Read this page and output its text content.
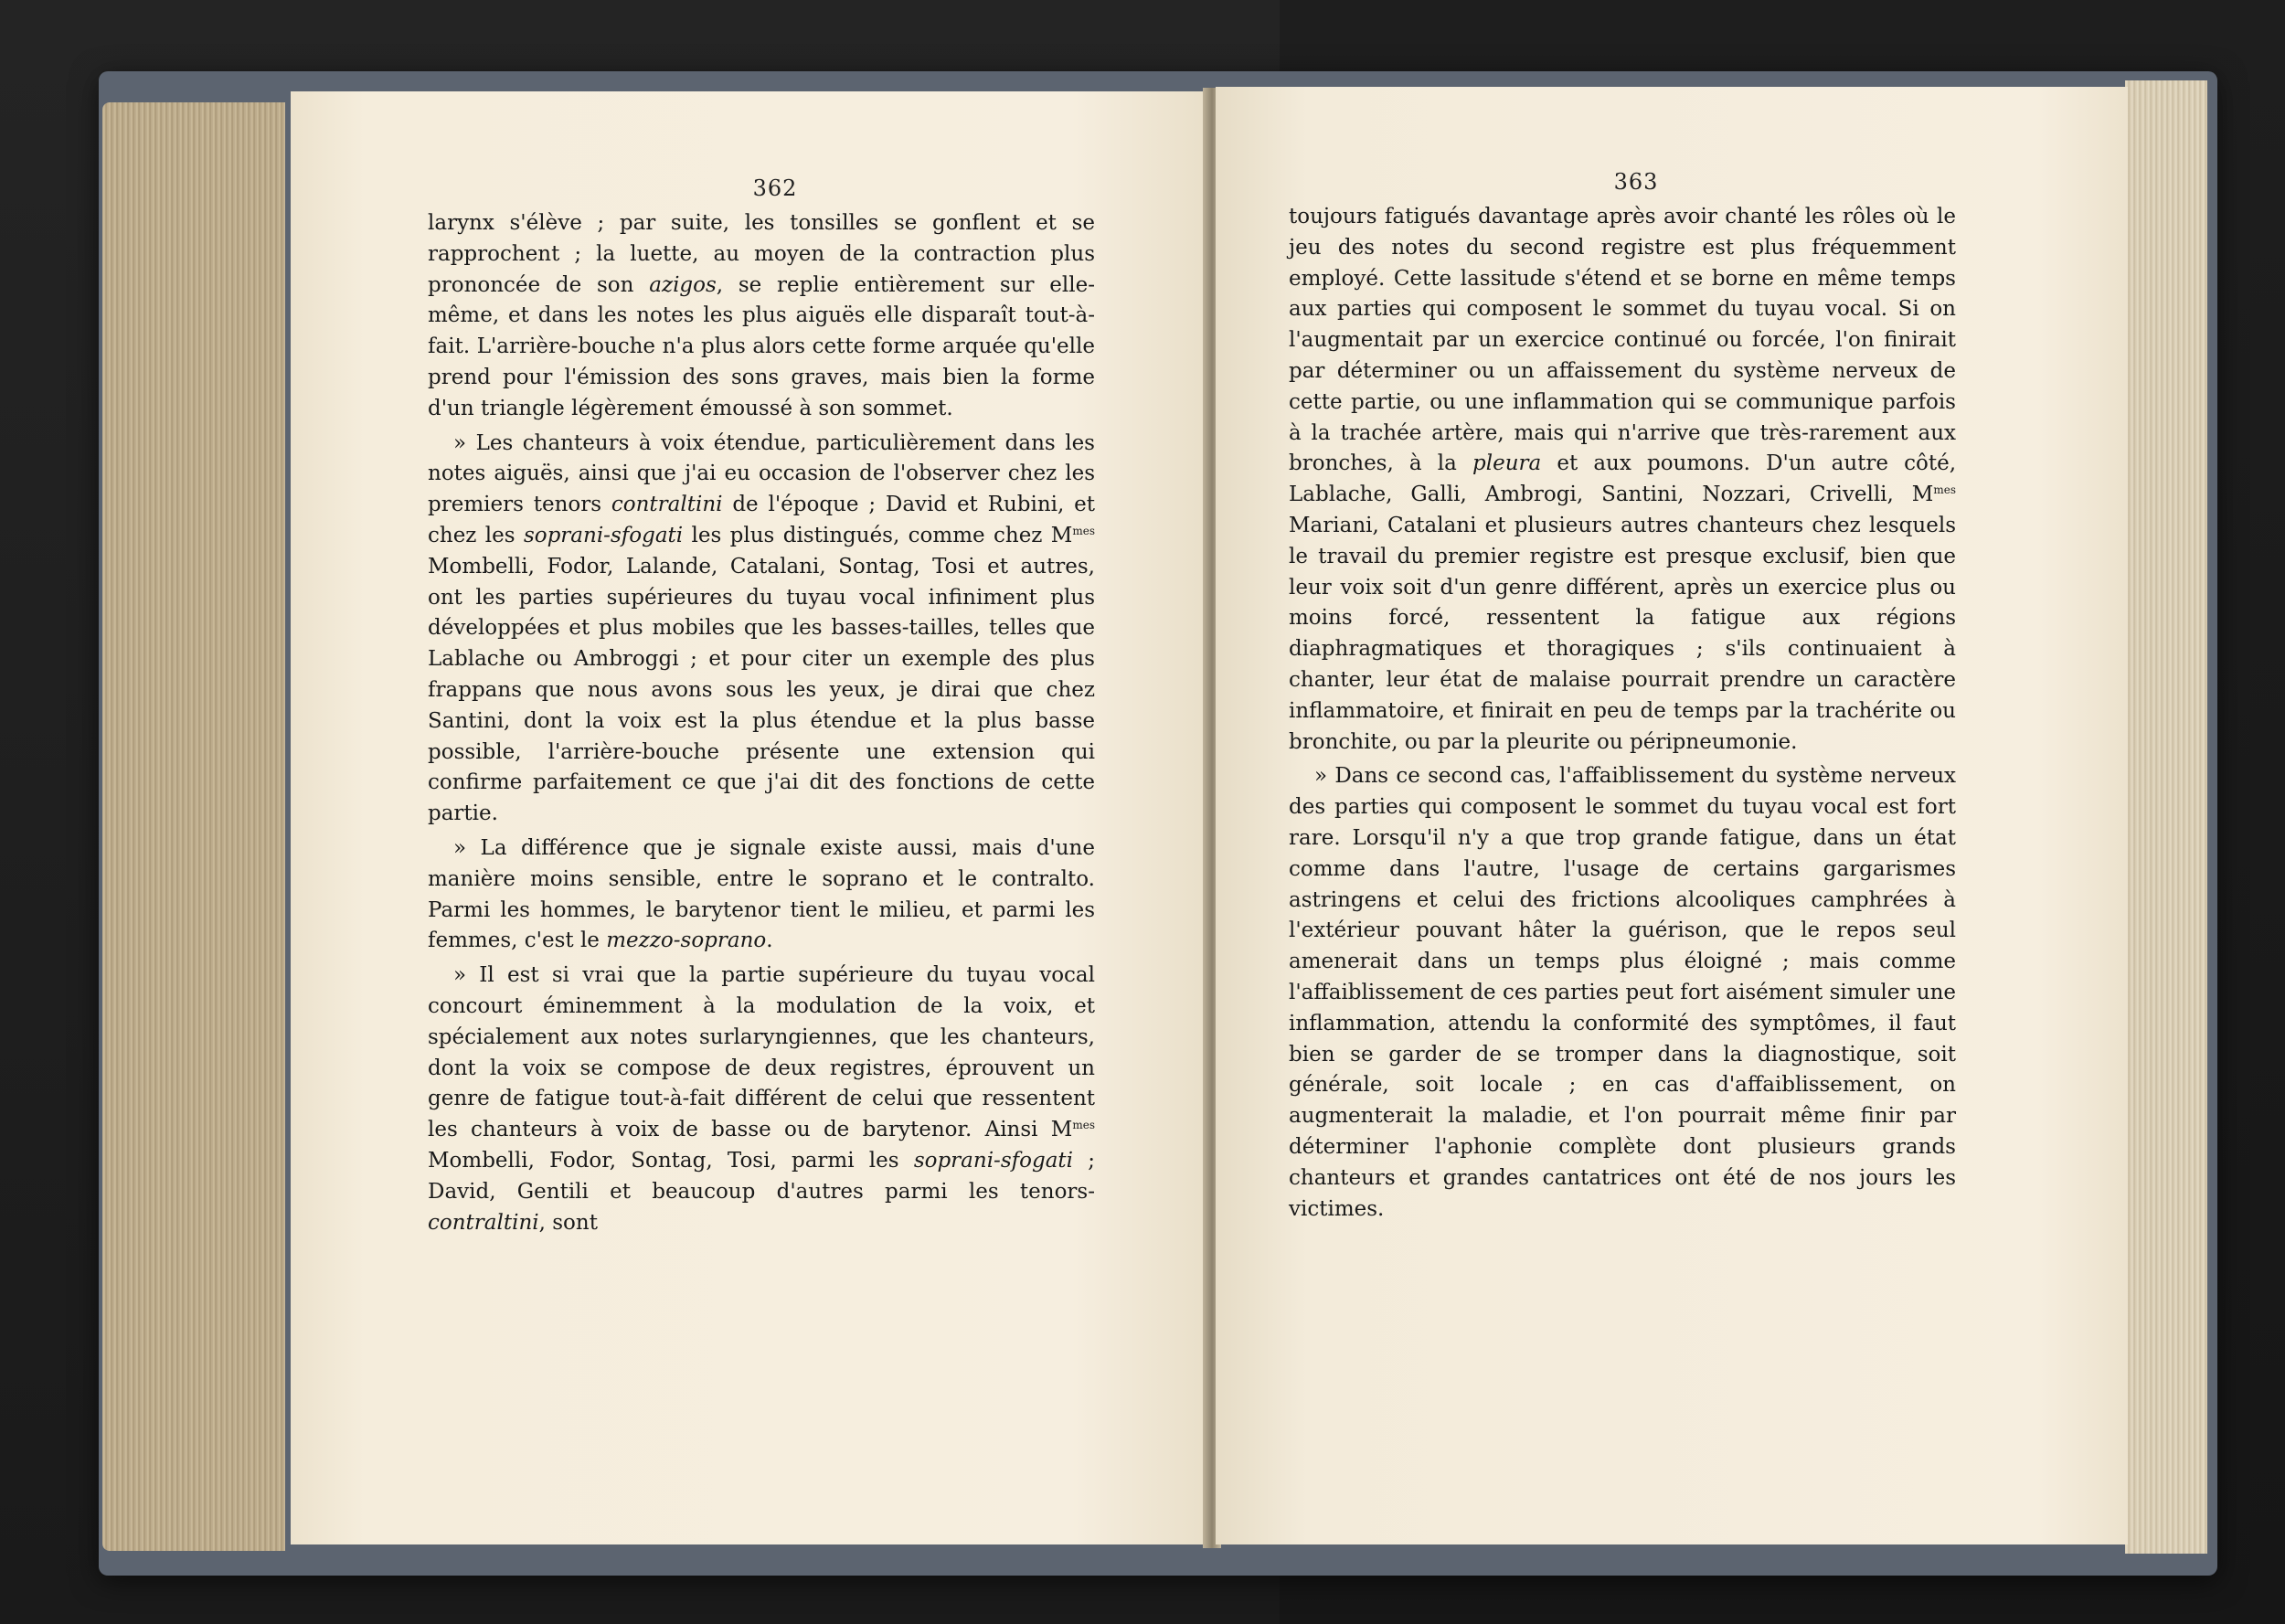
362

larynx s'élève ; par suite, les tonsilles se gonflent et se rapprochent ; la luette, au moyen de la contraction plus prononcée de son azigos, se replie entièrement sur elle-même, et dans les notes les plus aiguës elle disparaît tout-à-fait. L'arrière-bouche n'a plus alors cette forme arquée qu'elle prend pour l'émission des sons graves, mais bien la forme d'un triangle légèrement émoussé à son sommet.

» Les chanteurs à voix étendue, particulièrement dans les notes aiguës, ainsi que j'ai eu occasion de l'observer chez les premiers tenors contraltini de l'époque ; David et Rubini, et chez les soprani-sfogati les plus distingués, comme chez $M^{mes}$ Mombelli, Fodor, Lalande, Catalani, Sontag, Tosi et autres, ont les parties supérieures du tuyau vocal infiniment plus développées et plus mobiles que les basses-tailles, telles que Lablache ou Ambroggi ; et pour citer un exemple des plus frappans que nous avons sous les yeux, je dirai que chez Santini, dont la voix est la plus étendue et la plus basse possible, l'arrière-bouche présente une extension qui confirme parfaitement ce que j'ai dit des fonctions de cette partie.

» La différence que je signale existe aussi, mais d'une manière moins sensible, entre le soprano et le contralto. Parmi les hommes, le barytenor tient le milieu, et parmi les femmes, c'est le mezzo-soprano.

» Il est si vrai que la partie supérieure du tuyau vocal concourt éminemment à la modulation de la voix, et spécialement aux notes surlaryngiennes, que les chanteurs, dont la voix se compose de deux registres, éprouvent un genre de fatigue tout-à-fait différent de celui que ressentent les chanteurs à voix de basse ou de barytenor. Ainsi $M^{mes}$ Mombelli, Fodor, Sontag, Tosi, parmi les soprani-sfogati ; David, Gentili et beaucoup d'autres parmi les tenors-contraltini, sont

363

toujours fatigués davantage après avoir chanté les rôles où le jeu des notes du second registre est plus fréquemment employé. Cette lassitude s'étend et se borne en même temps aux parties qui composent le sommet du tuyau vocal. Si on l'augmentait par un exercice continué ou forcée, l'on finirait par déterminer ou un affaissement du système nerveux de cette partie, ou une inflammation qui se communique parfois à la trachée artère, mais qui n'arrive que très-rarement aux bronches, à la pleura et aux poumons. D'un autre côté, Lablache, Galli, Ambrogi, Santini, Nozzari, Crivelli, $M^{mes}$ Mariani, Catalani et plusieurs autres chanteurs chez lesquels le travail du premier registre est presque exclusif, bien que leur voix soit d'un genre différent, après un exercice plus ou moins forcé, ressentent la fatigue aux régions diaphragmatiques et thoragiques ; s'ils continuaient à chanter, leur état de malaise pourrait prendre un caractère inflammatoire, et finirait en peu de temps par la trachérite ou bronchite, ou par la pleurite ou péripneumonie.

» Dans ce second cas, l'affaiblissement du système nerveux des parties qui composent le sommet du tuyau vocal est fort rare. Lorsqu'il n'y a que trop grande fatigue, dans un état comme dans l'autre, l'usage de certains gargarismes astringens et celui des frictions alcooliques camphrées à l'extérieur pouvant hâter la guérison, que le repos seul amenerait dans un temps plus éloigné ; mais comme l'affaiblissement de ces parties peut fort aisément simuler une inflammation, attendu la conformité des symptômes, il faut bien se garder de se tromper dans la diagnostique, soit générale, soit locale ; en cas d'affaiblissement, on augmenterait la maladie, et l'on pourrait même finir par déterminer l'aphonie complète dont plusieurs grands chanteurs et grandes cantatrices ont été de nos jours les victimes.
